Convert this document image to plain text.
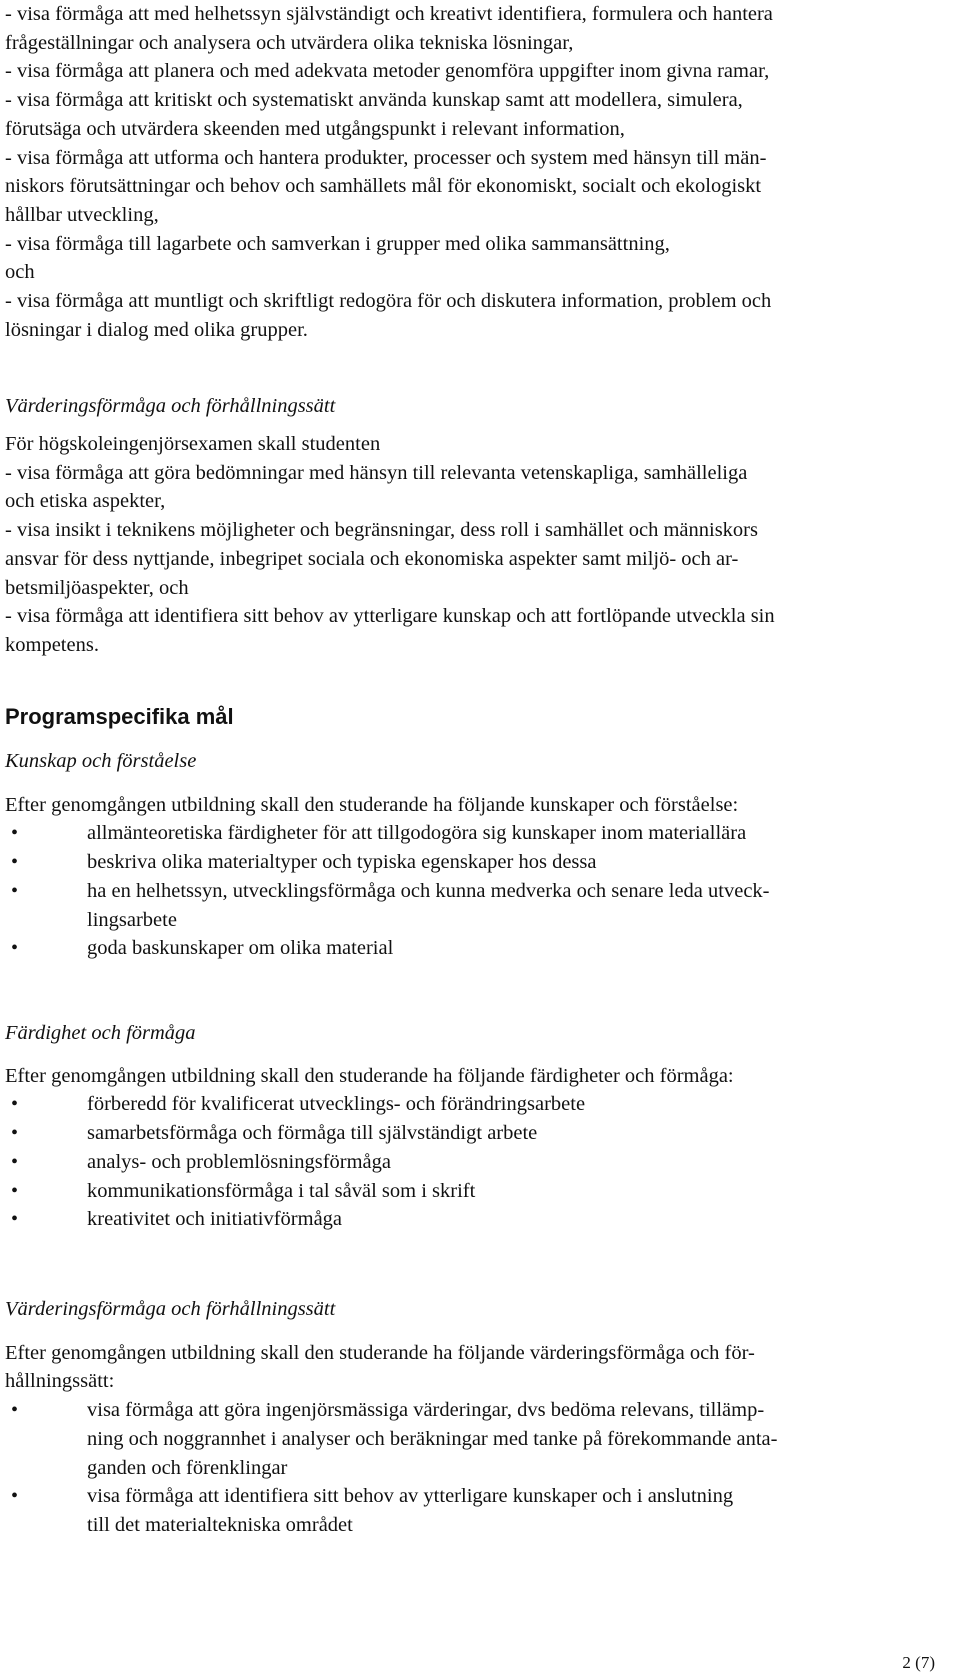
- visa förmåga att med helhetssyn självständigt och kreativt identifiera, formulera och hantera
frågeställningar och analysera och utvärdera olika tekniska lösningar,

- visa förmåga att planera och med adekvata metoder genomföra uppgifter inom givna ramar,

- visa förmåga att kritiskt och systematiskt använda kunskap samt att modellera, simulera,
förutsäga och utvärdera skeenden med utgångspunkt i relevant information,

- visa förmåga att utforma och hantera produkter, processer och system med hänsyn till män-
niskors förutsättningar och behov och samhällets mål för ekonomiskt, socialt och ekologiskt
hållbar utveckling,

- visa förmåga till lagarbete och samverkan i grupper med olika sammansättning,
och

- visa förmåga att muntligt och skriftligt redogöra för och diskutera information, problem och
lösningar i dialog med olika grupper.

Värderingsförmåga och förhållningssätt

För högskoleingenjörsexamen skall studenten

- visa förmåga att göra bedömningar med hänsyn till relevanta vetenskapliga, samhälleliga
och etiska aspekter,

- visa insikt i teknikens möjligheter och begränsningar, dess roll i samhället och människors
ansvar för dess nyttjande, inbegripet sociala och ekonomiska aspekter samt miljö- och ar-
betsmiljöaspekter, och

- visa förmåga att identifiera sitt behov av ytterligare kunskap och att fortlöpande utveckla sin
kompetens.

Programspecifika mål

Kunskap och förståelse

Efter genomgången utbildning skall den studerande ha följande kunskaper och förståelse:

•	allmänteoretiska färdigheter för att tillgodogöra sig kunskaper inom materiallära
•	beskriva olika materialtyper och typiska egenskaper hos dessa
•	ha en helhetssyn, utvecklingsförmåga och kunna medverka och senare leda utveck-
lingsarbete
•	goda baskunskaper om olika material

Färdighet och förmåga

Efter genomgången utbildning skall den studerande ha följande färdigheter och förmåga:

•	förberedd för kvalificerat utvecklings- och förändringsarbete
•	samarbetsförmåga och förmåga till självständigt arbete
•	analys- och problemlösningsförmåga
•	kommunikationsförmåga i tal såväl som i skrift
•	kreativitet och initiativförmåga

Värderingsförmåga och förhållningssätt

Efter genomgången utbildning skall den studerande ha följande värderingsförmåga och för-
hållningssätt:

•	visa förmåga att göra ingenjörsmässiga värderingar, dvs bedöma relevans, tillämp-
ning och noggrannhet i analyser och beräkningar med tanke på förekommande anta-
ganden och förenklingar
•	visa förmåga att identifiera sitt behov av ytterligare kunskaper och i anslutning
till det materialtekniska området
2 (7)
